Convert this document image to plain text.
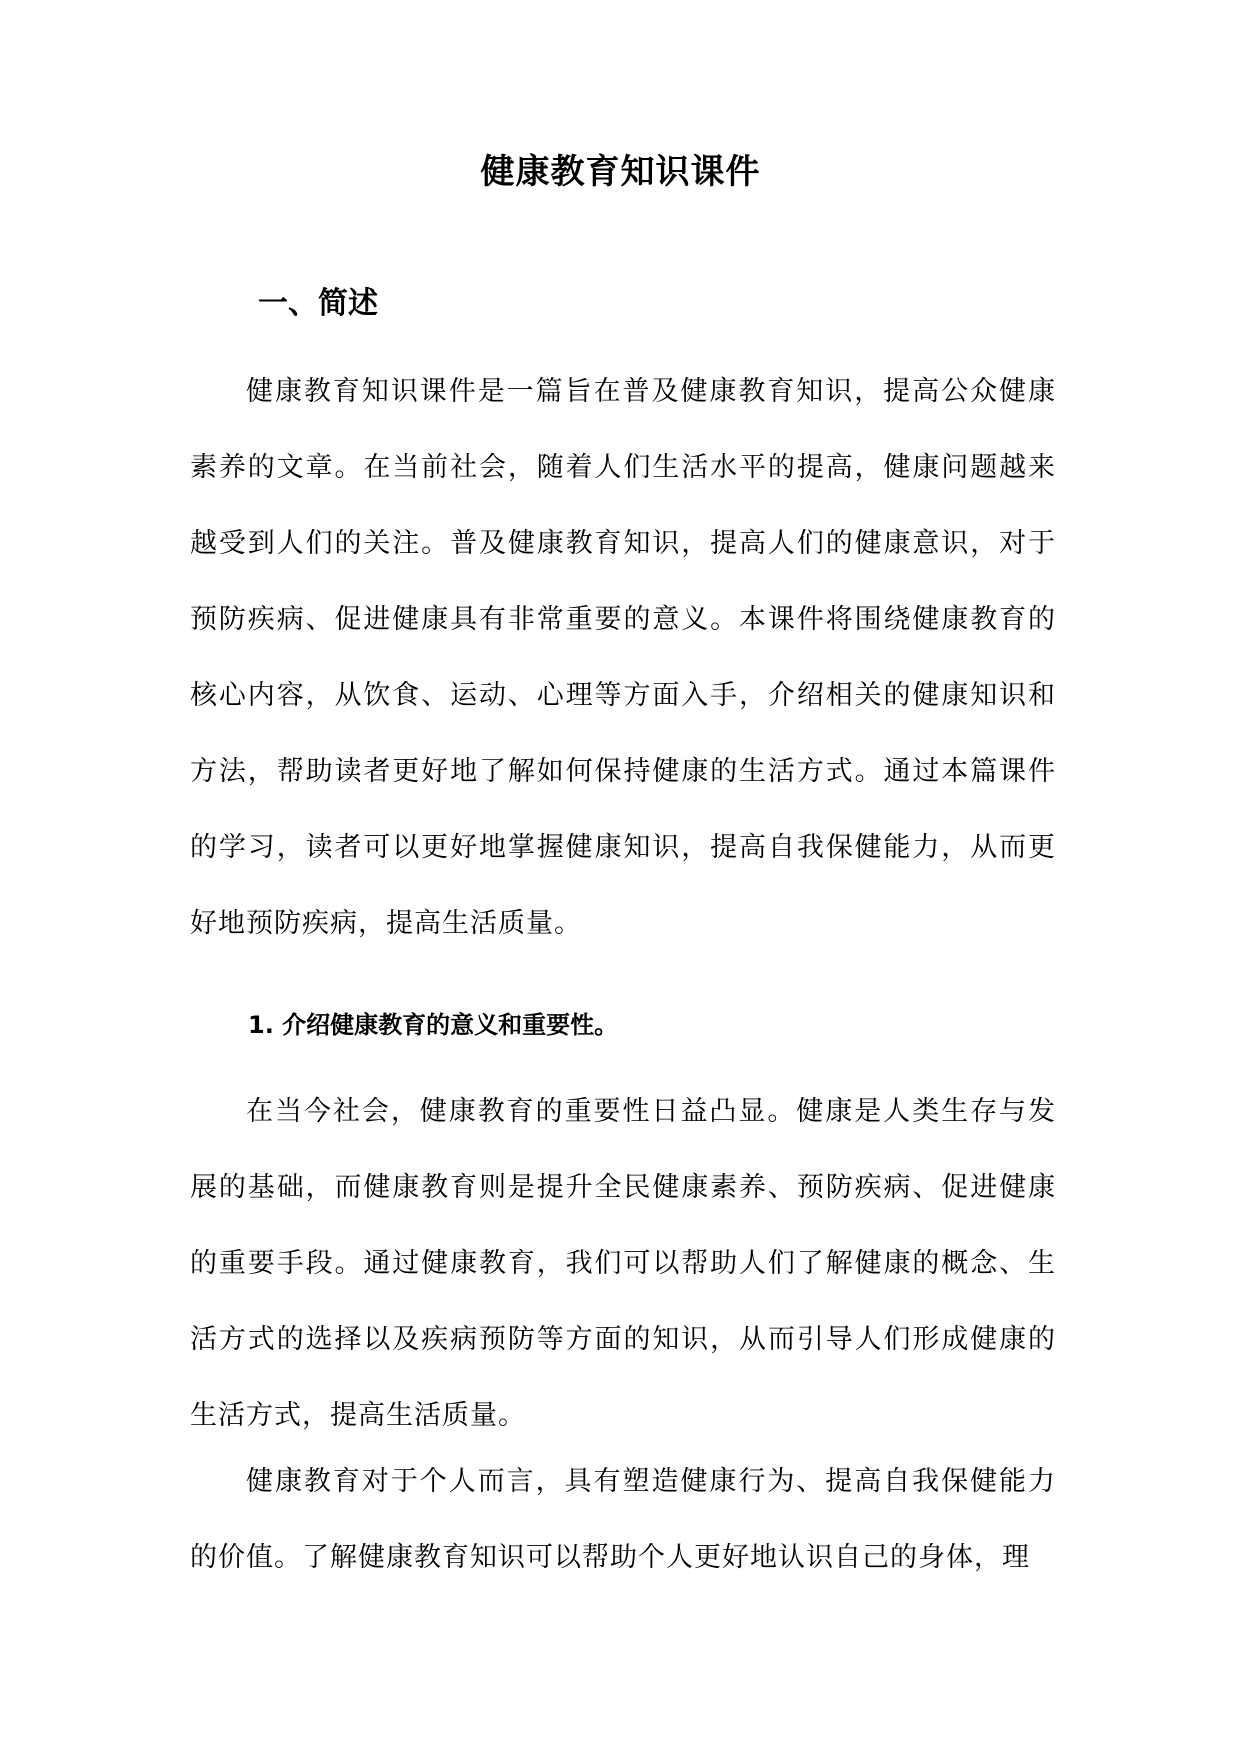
健康教育知识课件
一、简述

健康教育知识课件是一篇旨在普及健康教育知识，提高公众健康素养的文章。在当前社会，随着人们生活水平的提高，健康问题越来越受到人们的关注。普及健康教育知识，提高人们的健康意识，对于预防疾病、促进健康具有非常重要的意义。本课件将围绕健康教育的核心内容，从饮食、运动、心理等方面入手，介绍相关的健康知识和方法，帮助读者更好地了解如何保持健康的生活方式。通过本篇课件的学习，读者可以更好地掌握健康知识，提高自我保健能力，从而更好地预防疾病，提高生活质量。

1. 介绍健康教育的意义和重要性。

在当今社会，健康教育的重要性日益凸显。健康是人类生存与发展的基础，而健康教育则是提升全民健康素养、预防疾病、促进健康的重要手段。通过健康教育，我们可以帮助人们了解健康的概念、生活方式的选择以及疾病预防等方面的知识，从而引导人们形成健康的生活方式，提高生活质量。

健康教育对于个人而言，具有塑造健康行为、提高自我保健能力的价值。了解健康教育知识可以帮助个人更好地认识自己的身体，理
